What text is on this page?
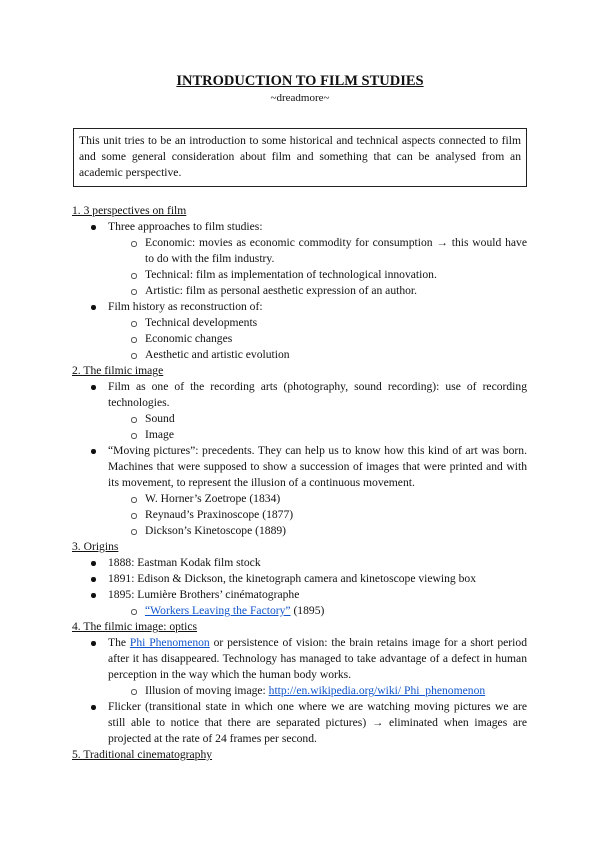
INTRODUCTION TO FILM STUDIES
~dreadmore~
This unit tries to be an introduction to some historical and technical aspects connected to film and some general consideration about film and something that can be analysed from an academic perspective.
1. 3 perspectives on film
Three approaches to film studies:
Economic: movies as economic commodity for consumption → this would have to do with the film industry.
Technical: film as implementation of technological innovation.
Artistic: film as personal aesthetic expression of an author.
Film history as reconstruction of:
Technical developments
Economic changes
Aesthetic and artistic evolution
2. The filmic image
Film as one of the recording arts (photography, sound recording): use of recording technologies.
Sound
Image
“Moving pictures”: precedents. They can help us to know how this kind of art was born. Machines that were supposed to show a succession of images that were printed and with its movement, to represent the illusion of a continuous movement.
W. Horner’s Zoetrope (1834)
Reynaud’s Praxinoscope (1877)
Dickson’s Kinetoscope (1889)
3. Origins
1888: Eastman Kodak film stock
1891: Edison & Dickson, the kinetograph camera and kinetoscope viewing box
1895: Lumière Brothers’ cinématographe
“Workers Leaving the Factory” (1895)
4. The filmic image: optics
The Phi Phenomenon or persistence of vision: the brain retains image for a short period after it has disappeared. Technology has managed to take advantage of a defect in human perception in the way which the human body works.
Illusion of moving image: http://en.wikipedia.org/wiki/ Phi_phenomenon
Flicker (transitional state in which one where we are watching moving pictures we are still able to notice that there are separated pictures) → eliminated when images are projected at the rate of 24 frames per second.
5. Traditional cinematography
